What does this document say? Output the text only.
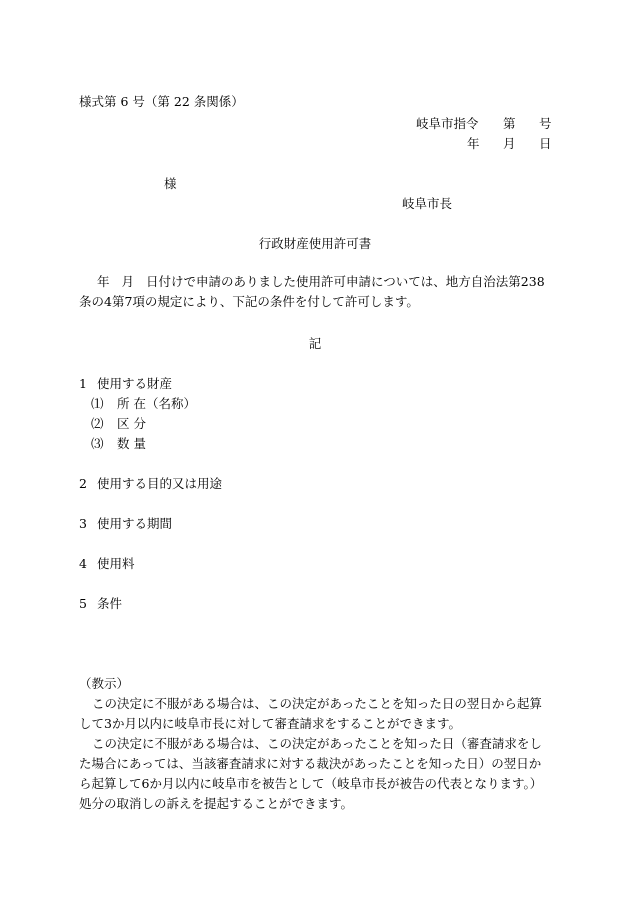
様式第 6 号（第 22 条関係）
岐阜市指令 第 号
年 月 日
様
岐阜市長
行政財産使用許可書
年 月 日付けで申請のありました使用許可申請については、地方自治法第238条の4第7項の規定により、下記の条件を付して許可します。
記
1 使用する財産
⑴ 所 在（名称）
⑵ 区 分
⑶ 数 量
2 使用する目的又は用途
3 使用する期間
4 使用料
5 条件
（教示）
この決定に不服がある場合は、この決定があったことを知った日の翌日から起算して3か月以内に岐阜市長に対して審査請求をすることができます。
この決定に不服がある場合は、この決定があったことを知った日（審査請求をした場合にあっては、当該審査請求に対する裁決があったことを知った日）の翌日から起算して6か月以内に岐阜市を被告として（岐阜市長が被告の代表となります。）処分の取消しの訴えを提起することができます。
